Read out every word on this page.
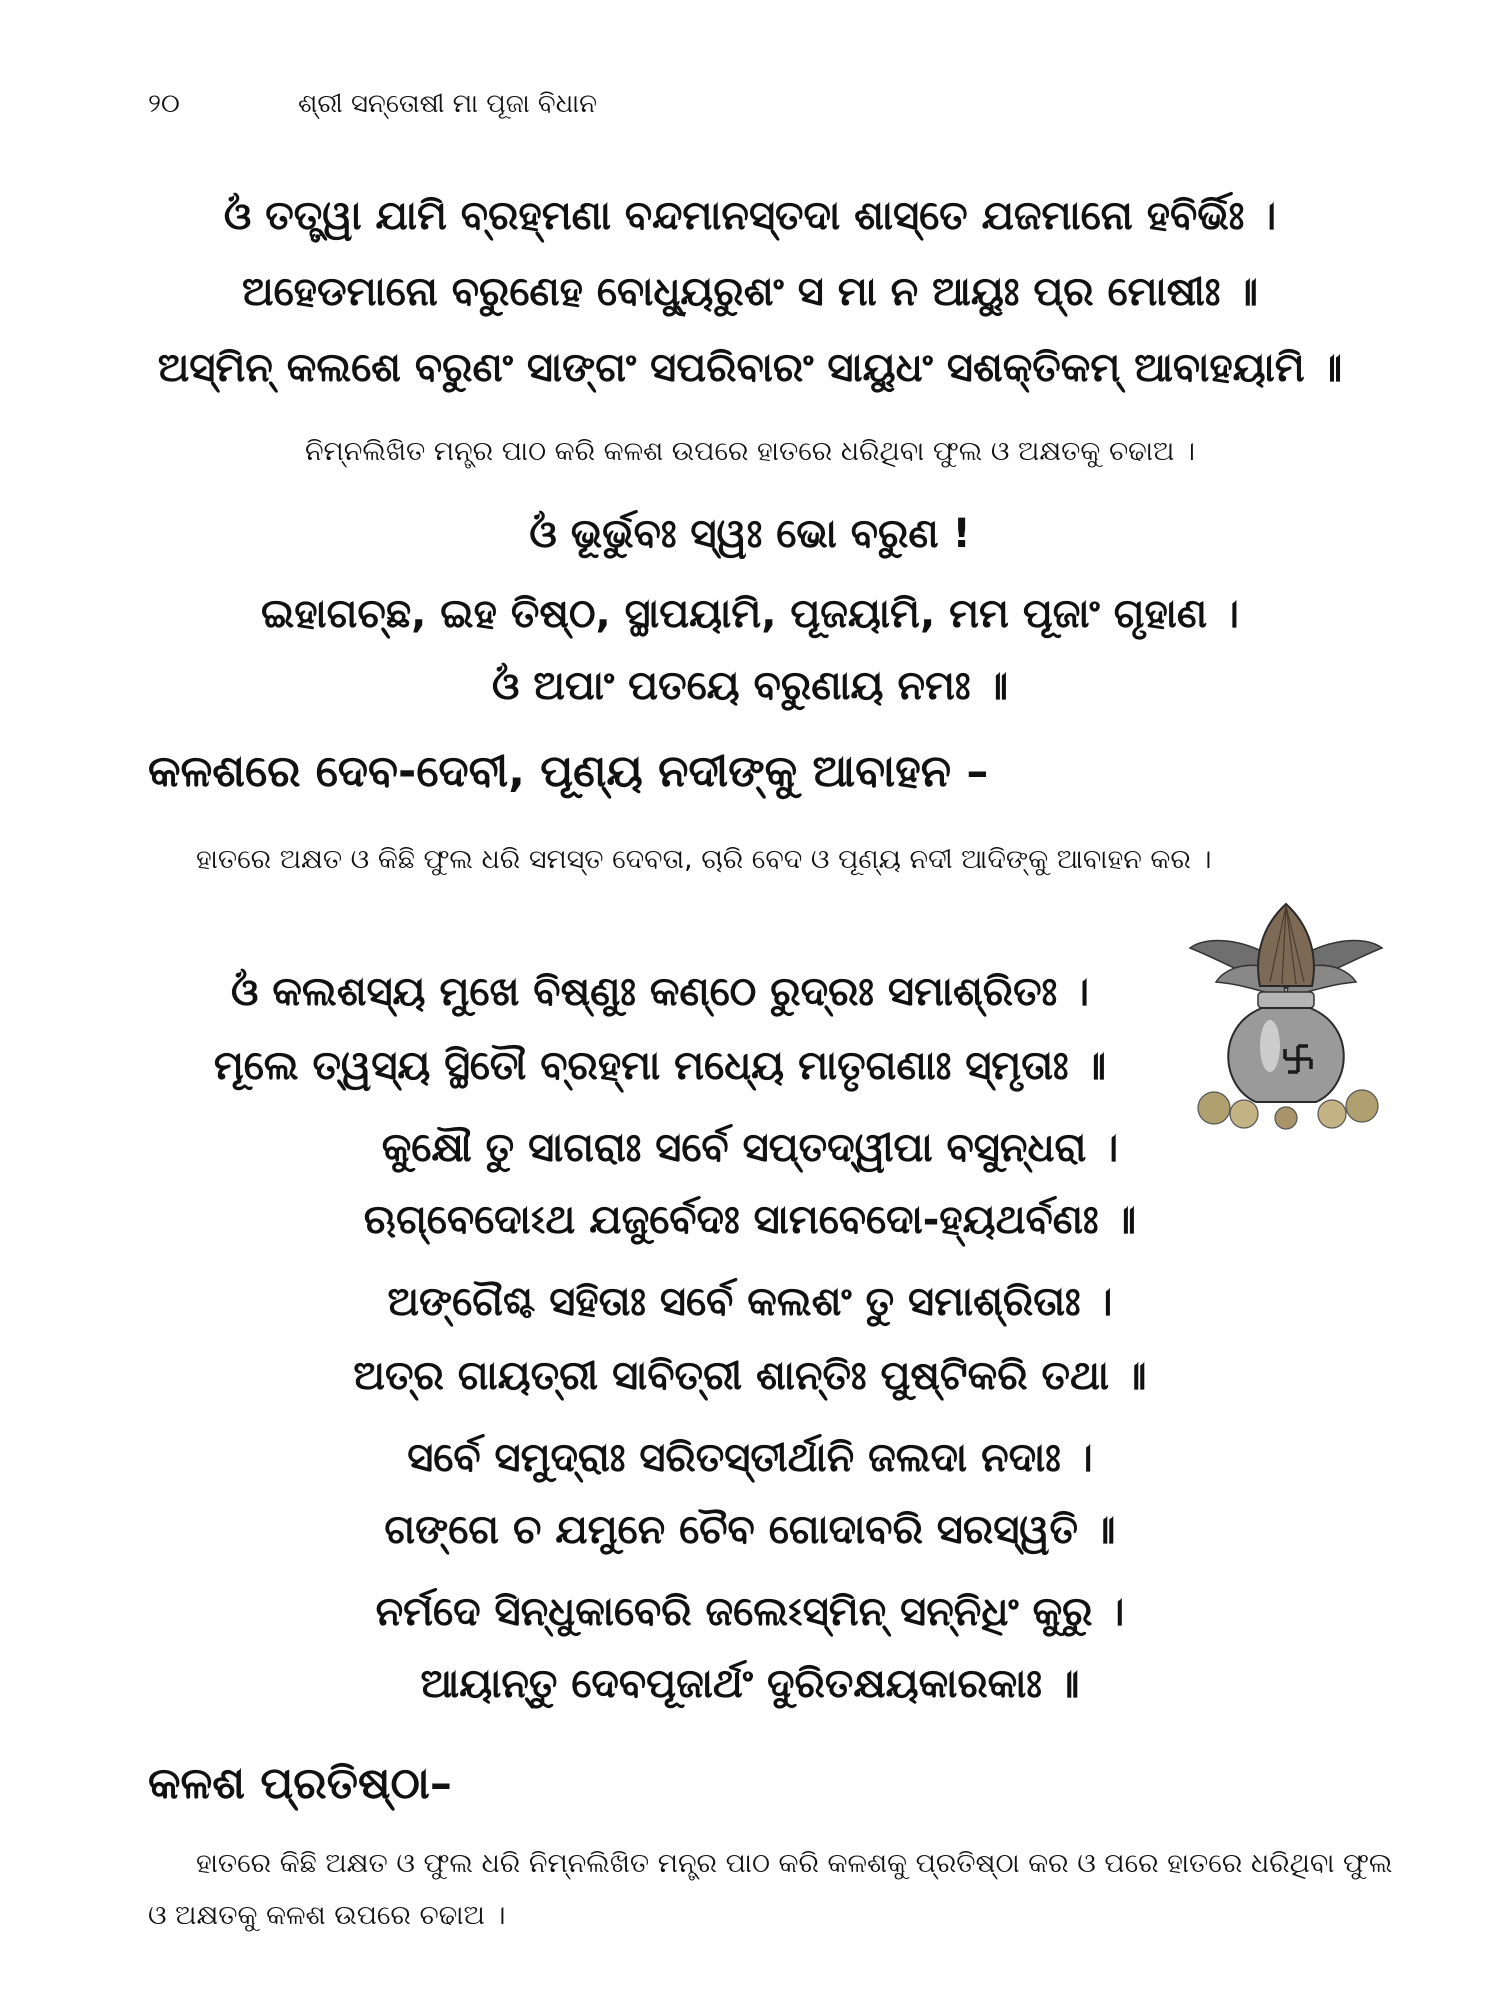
୨୦	ଶ୍ରୀ ସନ୍ତୋଷୀ ମା ପୂଜା ବିଧାନ
ଓଁ ତତ୍ତ୍ୱା ଯାମି ବ୍ରହ୍ମଣା ବନ୍ଦମାନସ୍ତଦା ଶାସ୍ତେ ଯଜମାନୋ ହବିର୍ଭିଃ ।
ଅହେଡମାନୋ ବରୁଣେହ ବୋଧ୍ୟୁରୁଶଂ ସ ମା ନ ଆୟୁଃ ପ୍ର ମୋଷୀଃ ॥
ଅସ୍ମିନ୍ କଲଶେ ବରୁଣଂ ସାଙ୍ଗଂ ସପରିବାରଂ ସାୟୁଧଂ ସଶକ୍ତିକମ୍ ଆବାହୟାମି ॥
ନିମ୍ନଲିଖିତ ମନ୍ତ୍ର ପାଠ କରି କଳଶ ଉପରେ ହାତରେ ଧରିଥିବା ଫୁଲ ଓ ଅକ୍ଷତକୁ ଚଢାଅ ।
ଓଁ ଭୂର୍ଭୁବଃ ସ୍ୱଃ ଭୋ ବରୁଣ !
ଇହାଗଚ୍ଛ, ଇହ ତିଷ୍ଠ, ସ୍ଥାପୟାମି, ପୂଜୟାମି, ମମ ପୂଜାଂ ଗୃହାଣ ।
ଓଁ ଅପାଂ ପତୟେ ବରୁଣାୟ ନମଃ ॥
କଳଶରେ ଦେବ-ଦେବୀ, ପୂଣ୍ୟ ନଦୀଙ୍କୁ ଆବାହନ –
ହାତରେ ଅକ୍ଷତ ଓ କିଛି ଫୁଲ ଧରି ସମସ୍ତ ଦେବତା, ଚାରି ବେଦ ଓ ପୂଣ୍ୟ ନଦୀ ଆଦିଙ୍କୁ ଆବାହନ କର ।
ଓଁ କଲଶସ୍ୟ ମୁଖେ ବିଷ୍ଣୁଃ କଣ୍ଠେ ରୁଦ୍ରଃ ସମାଶ୍ରିତଃ ।
ମୂଲେ ତ୍ୱସ୍ୟ ସ୍ଥିତୌ ବ୍ରହ୍ମା ମଧ୍ୟେ ମାତୃଗଣାଃ ସ୍ମୃତାଃ ॥
କୁକ୍ଷୌ ତୁ ସାଗରାଃ ସର୍ବେ ସପ୍ତଦ୍ୱୀପା ବସୁନ୍ଧରା ।
ଋଗ୍‌ବେଦୋଽଥ ଯଜୁର୍ବେଦଃ ସାମବେଦୋ-ହ୍ୟଥର୍ବଣଃ ॥
ଅଙ୍ଗୈଶ୍ଚ ସହିତାଃ ସର୍ବେ କଲଶଂ ତୁ ସମାଶ୍ରିତାଃ ।
ଅତ୍ର ଗାୟତ୍ରୀ ସାବିତ୍ରୀ ଶାନ୍ତିଃ ପୁଷ୍ଟିକରି ତଥା ॥
ସର୍ବେ ସମୁଦ୍ରାଃ ସରିତସ୍ତୀର୍ଥାନି ଜଲଦା ନଦାଃ ।
ଗଙ୍ଗେ ଚ ଯମୁନେ ଚୈବ ଗୋଦାବରି ସରସ୍ୱତି ॥
ନର୍ମଦେ ସିନ୍ଧୁକାବେରି ଜଲେଽସ୍ମିନ୍ ସନ୍ନିଧିଂ କୁରୁ ।
ଆୟାନ୍ତୁ ଦେବପୂଜାର୍ଥଂ ଦୁରିତକ୍ଷୟକାରକାଃ ॥
କଳଶ ପ୍ରତିଷ୍ଠା–
ହାତରେ କିଛି ଅକ୍ଷତ ଓ ଫୁଲ ଧରି ନିମ୍ନଲିଖିତ ମନ୍ତ୍ର ପାଠ କରି କଳଶକୁ ପ୍ରତିଷ୍ଠା କର ଓ ପରେ ହାତରେ ଧରିଥିବା ଫୁଲ ଓ ଅକ୍ଷତକୁ କଳଶ ଉପରେ ଚଢାଅ ।
